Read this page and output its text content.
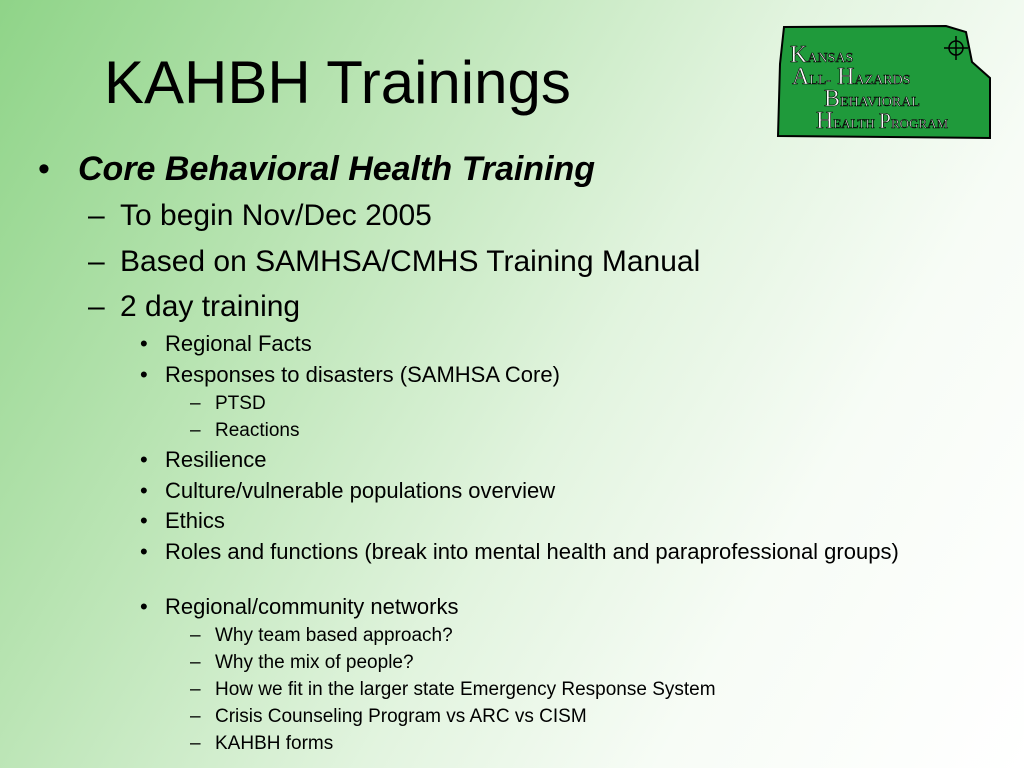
KAHBH Trainings	KANSAS
ALL- HAZARDS
BEHAVIORAL
HEALTH PROGRAM
• Core Behavioral Health Training
– To begin Nov/Dec 2005
– Based on SAMHSA/CMHS Training Manual
– 2 day training
• Regional Facts
• Responses to disasters (SAMHSA Core)
– PTSD
– Reactions
• Resilience
• Culture/vulnerable populations overview
• Ethics
• Roles and functions (break into mental health and paraprofessional groups)
• Regional/community networks
– Why team based approach?
– Why the mix of people?
– How we fit in the larger state Emergency Response System
– Crisis Counseling Program vs ARC vs CISM
– KAHBH forms
